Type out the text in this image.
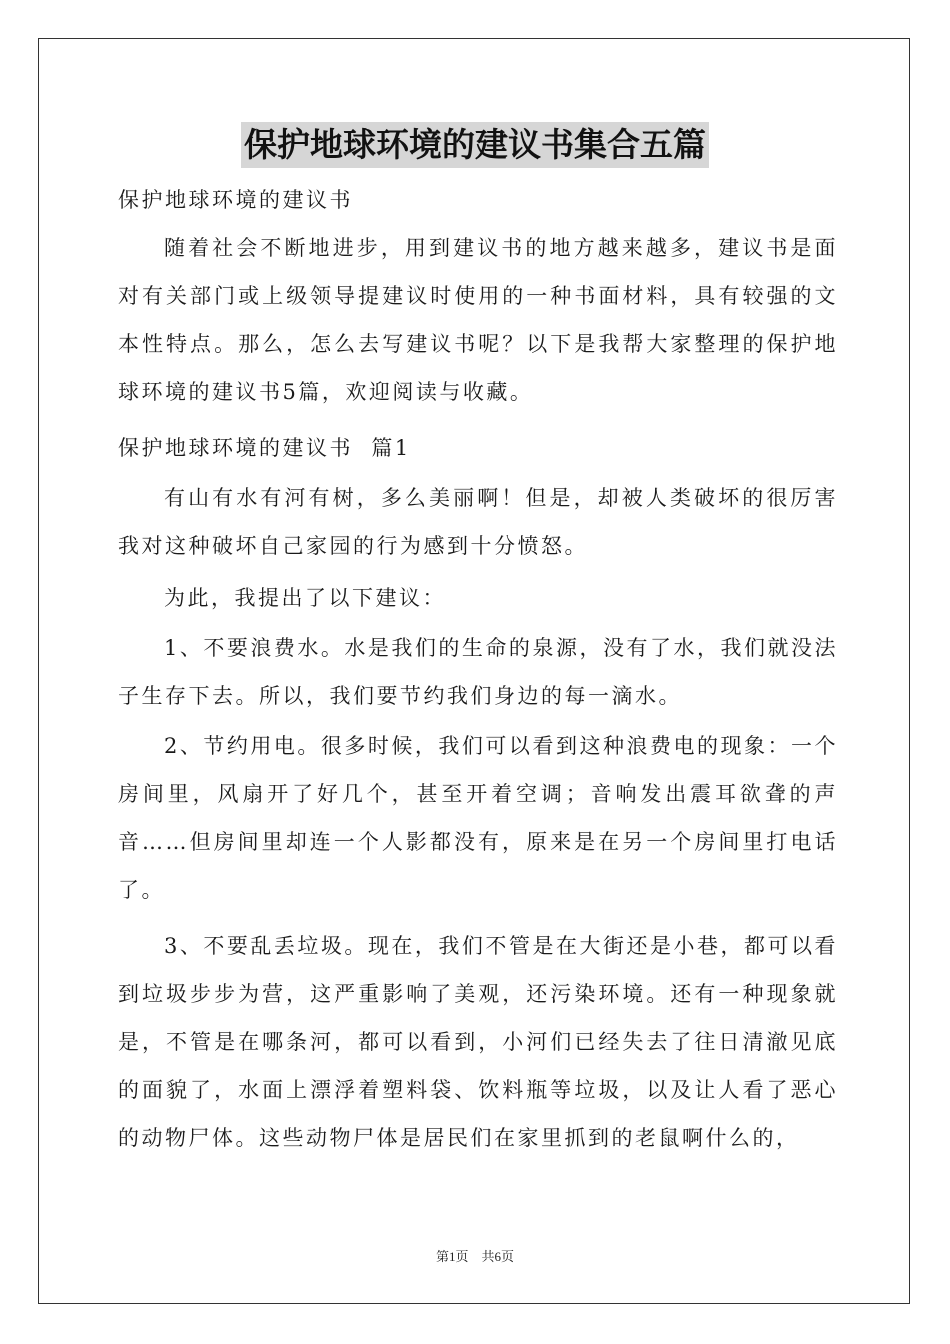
保护地球环境的建议书集合五篇

保护地球环境的建议书

随着社会不断地进步，用到建议书的地方越来越多，建议书是面对有关部门或上级领导提建议时使用的一种书面材料，具有较强的文本性特点。那么，怎么去写建议书呢？以下是我帮大家整理的保护地球环境的建议书5篇，欢迎阅读与收藏。

保护地球环境的建议书  篇1

有山有水有河有树，多么美丽啊！但是，却被人类破坏的很厉害我对这种破坏自己家园的行为感到十分愤怒。

为此，我提出了以下建议：

1、不要浪费水。水是我们的生命的泉源，没有了水，我们就没法子生存下去。所以，我们要节约我们身边的每一滴水。

2、节约用电。很多时候，我们可以看到这种浪费电的现象：一个房间里，风扇开了好几个，甚至开着空调；音响发出震耳欲聋的声音……但房间里却连一个人影都没有，原来是在另一个房间里打电话了。

3、不要乱丢垃圾。现在，我们不管是在大街还是小巷，都可以看到垃圾步步为营，这严重影响了美观，还污染环境。还有一种现象就是，不管是在哪条河，都可以看到，小河们已经失去了往日清澈见底的面貌了，水面上漂浮着塑料袋、饮料瓶等垃圾，以及让人看了恶心的动物尸体。这些动物尸体是居民们在家里抓到的老鼠啊什么的，

第1页    共6页
